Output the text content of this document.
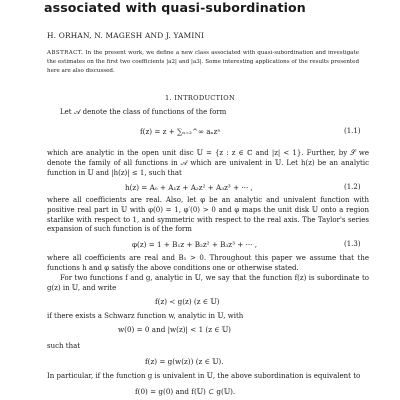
associated with quasi-subordination
H. ORHAN, N. MAGESH AND J. YAMINI
ABSTRACT. In the present work, we define a new class associated with quasi-subordination and investigate the estimates on the first two coefficients |a2| and |a3|. Some interesting applications of the results presented here are also discussed.
1. INTRODUCTION
Let 𝒜 denote the class of functions of the form
f(z) = z + ∑ₙ₌₂^∞ aₙzⁿ	(1.1)
which are analytic in the open unit disc 𝕌 = {z : z ∈ ℂ and |z| < 1}. Further, by 𝒮 we denote the family of all functions in 𝒜 which are univalent in 𝕌. Let h(z) be an analytic function in 𝕌 and |h(z)| ≤ 1, such that
h(z) = A₀ + A₁z + A₂z² + A₃z³ + ··· ,	(1.2)
where all coefficients are real. Also, let φ be an analytic and univalent function with positive real part in 𝕌 with φ(0) = 1, φ′(0) > 0 and φ maps the unit disk 𝕌 onto a region starlike with respect to 1, and symmetric with respect to the real axis. The Taylor's series expansion of such function is of the form
φ(z) = 1 + B₁z + B₂z² + B₃z³ + ··· ,	(1.3)
where all coefficients are real and B₁ > 0. Throughout this paper we assume that the functions h and φ satisfy the above conditions one or otherwise stated.
For two functions f and g, analytic in 𝕌, we say that the function f(z) is subordinate to g(z) in 𝕌, and write
f(z) ≺ g(z) (z ∈ 𝕌)
if there exists a Schwarz function w, analytic in 𝕌, with
w(0) = 0 and |w(z)| < 1 (z ∈ 𝕌)
such that
f(z) = g(w(z)) (z ∈ 𝕌).
In particular, if the function g is univalent in 𝕌, the above subordination is equivalent to
f(0) = g(0) and f(𝕌) ⊂ g(𝕌).
